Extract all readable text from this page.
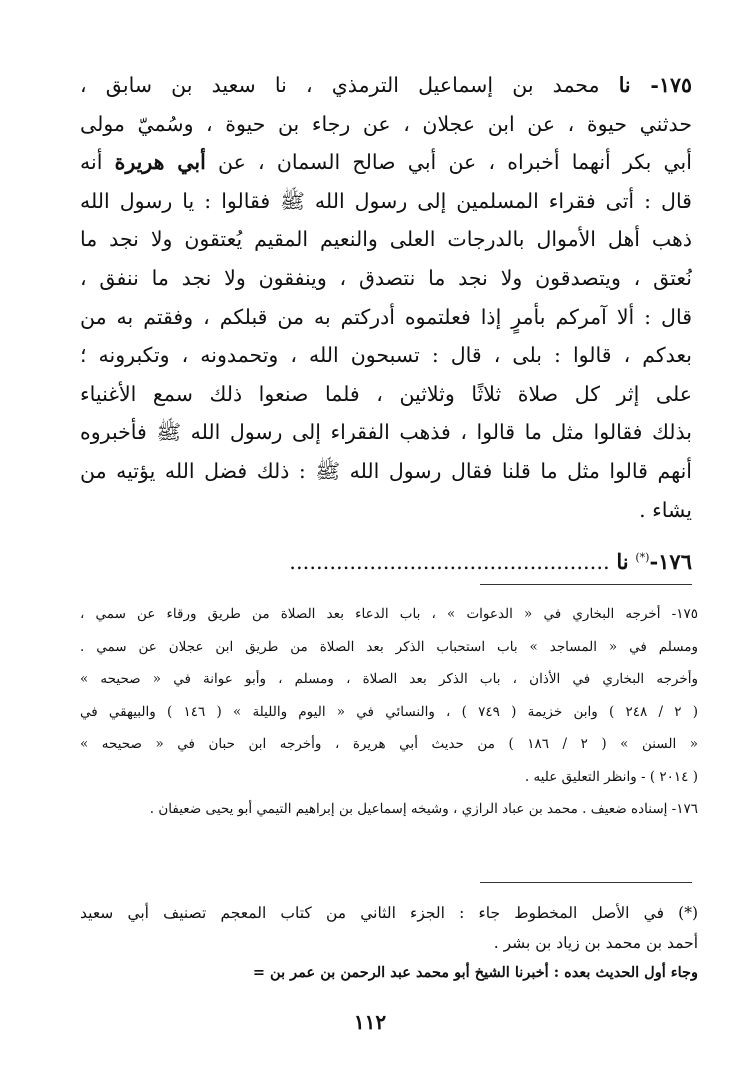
١٧٥- نا محمد بن إسماعيل الترمذي ، نا سعيد بن سابق ،
حدثني حيوة ، عن ابن عجلان ، عن رجاء بن حيوة ، وسُميّ مولى
أبي بكر أنهما أخبراه ، عن أبي صالح السمان ، عن أبي هريرة أنه
قال : أتى فقراء المسلمين إلى رسول الله ﷺ فقالوا : يا رسول الله
ذهب أهل الأموال بالدرجات العلى والنعيم المقيم يُعتقون ولا نجد ما
نُعتق ، ويتصدقون ولا نجد ما نتصدق ، وينفقون ولا نجد ما ننفق ،
قال : ألا آمركم بأمرٍ إذا فعلتموه أدركتم به من قبلكم ، وفقتم به من
بعدكم ، قالوا : بلى ، قال : تسبحون الله ، وتحمدونه ، وتكبرونه ؛
على إثر كل صلاة ثلاثًا وثلاثين ، فلما صنعوا ذلك سمع الأغنياء
بذلك فقالوا مثل ما قالوا ، فذهب الفقراء إلى رسول الله ﷺ فأخبروه
أنهم قالوا مثل ما قلنا فقال رسول الله ﷺ : ذلك فضل الله يؤتيه من
يشاء .
١٧٦-(*) نا ................................................
١٧٥- أخرجه البخاري في « الدعوات » ، باب الدعاء بعد الصلاة من طريق ورقاء عن سمي ،
ومسلم في « المساجد » باب استحباب الذكر بعد الصلاة من طريق ابن عجلان عن سمي .
وأخرجه البخاري في الأذان ، باب الذكر بعد الصلاة ، ومسلم ، وأبو عوانة في « صحيحه »
( ٢ / ٢٤٨ ) وابن خزيمة ( ٧٤٩ ) ، والنسائي في « اليوم والليلة » ( ١٤٦ ) والبيهقي في
« السنن » ( ٢ / ١٨٦ ) من حديث أبي هريرة ، وأخرجه ابن حبان في « صحيحه »
( ٢٠١٤ ) - وانظر التعليق عليه .
١٧٦- إسناده ضعيف . محمد بن عباد الرازي ، وشيخه إسماعيل بن إبراهيم التيمي أبو يحيى ضعيفان .
(*) في الأصل المخطوط جاء : الجزء الثاني من كتاب المعجم تصنيف أبي سعيد
أحمد بن محمد بن زياد بن بشر .
وجاء أول الحديث بعده : أخبرنا الشيخ أبو محمد عبد الرحمن بن عمر بن =
١١٢
